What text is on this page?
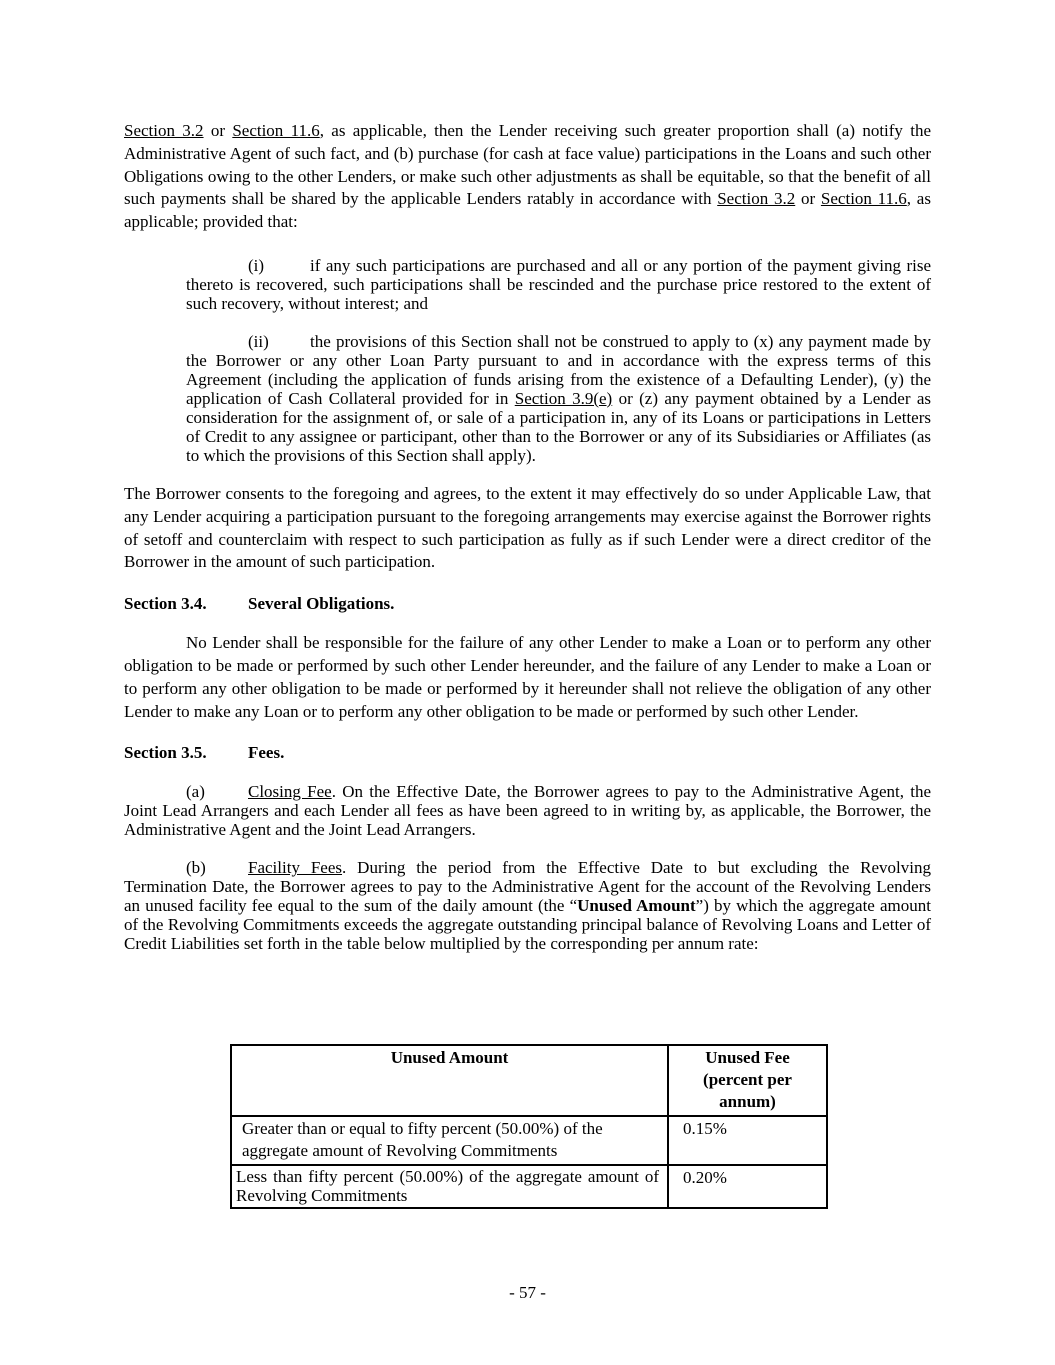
Section 3.2 or Section 11.6, as applicable, then the Lender receiving such greater proportion shall (a) notify the Administrative Agent of such fact, and (b) purchase (for cash at face value) participations in the Loans and such other Obligations owing to the other Lenders, or make such other adjustments as shall be equitable, so that the benefit of all such payments shall be shared by the applicable Lenders ratably in accordance with Section 3.2 or Section 11.6, as applicable; provided that:

(i)	if any such participations are purchased and all or any portion of the payment giving rise thereto is recovered, such participations shall be rescinded and the purchase price restored to the extent of such recovery, without interest; and

(ii) the provisions of this Section shall not be construed to apply to (x) any payment made by the Borrower or any other Loan Party pursuant to and in accordance with the express terms of this Agreement (including the application of funds arising from the existence of a Defaulting Lender), (y) the application of Cash Collateral provided for in Section 3.9(e) or (z) any payment obtained by a Lender as consideration for the assignment of, or sale of a participation in, any of its Loans or participations in Letters of Credit to any assignee or participant, other than to the Borrower or any of its Subsidiaries or Affiliates (as to which the provisions of this Section shall apply).

The Borrower consents to the foregoing and agrees, to the extent it may effectively do so under Applicable Law, that any Lender acquiring a participation pursuant to the foregoing arrangements may exercise against the Borrower rights of setoff and counterclaim with respect to such participation as fully as if such Lender were a direct creditor of the Borrower in the amount of such participation.

Section 3.4. Several Obligations.

No Lender shall be responsible for the failure of any other Lender to make a Loan or to perform any other obligation to be made or performed by such other Lender hereunder, and the failure of any Lender to make a Loan or to perform any other obligation to be made or performed by it hereunder shall not relieve the obligation of any other Lender to make any Loan or to perform any other obligation to be made or performed by such other Lender.

Section 3.5. Fees.

(a)	Closing Fee. On the Effective Date, the Borrower agrees to pay to the Administrative Agent, the Joint Lead Arrangers and each Lender all fees as have been agreed to in writing by, as applicable, the Borrower, the Administrative Agent and the Joint Lead Arrangers.

(b) Facility Fees. During the period from the Effective Date to but excluding the Revolving Termination Date, the Borrower agrees to pay to the Administrative Agent for the account of the Revolving Lenders an unused facility fee equal to the sum of the daily amount (the “Unused Amount”) by which the aggregate amount of the Revolving Commitments exceeds the aggregate outstanding principal balance of Revolving Loans and Letter of Credit Liabilities set forth in the table below multiplied by the corresponding per annum rate:

Unused Amount	Unused Fee (percent per annum)
Greater than or equal to fifty percent (50.00%) of the aggregate amount of Revolving Commitments	0.15%
Less than fifty percent (50.00%) of the aggregate amount of Revolving Commitments	0.20%
- 57 -
